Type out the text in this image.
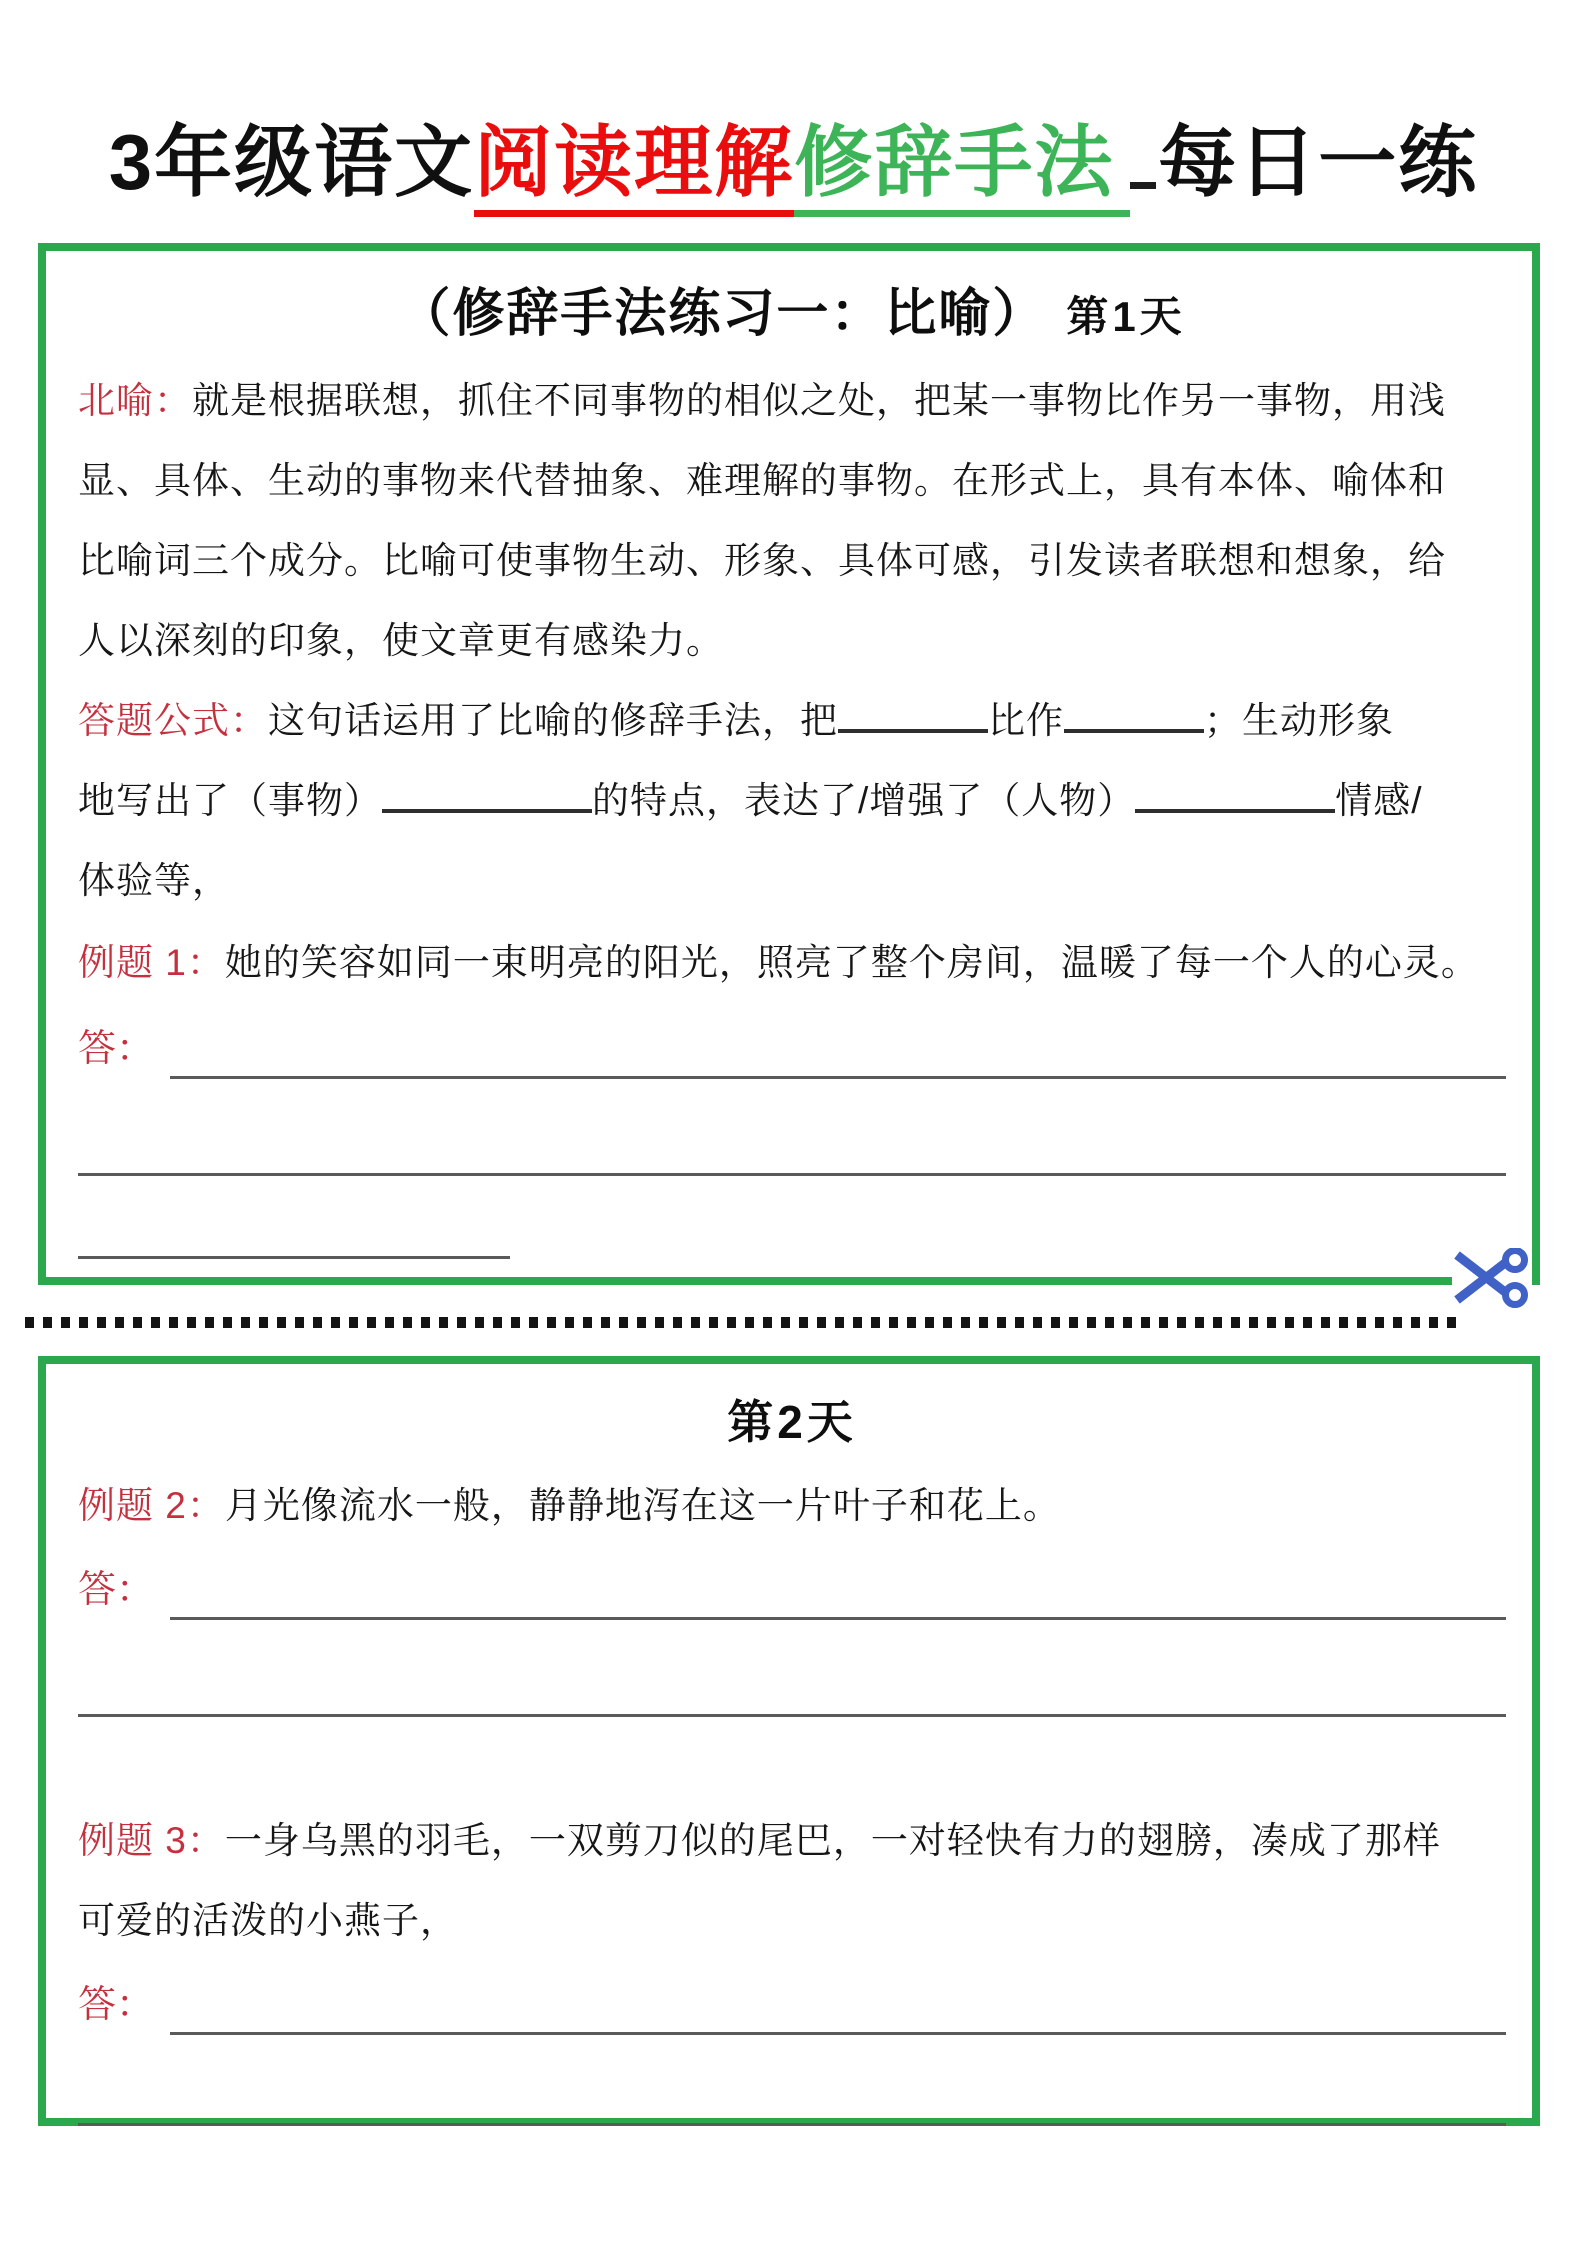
3年级语文阅读理解修辞手法 每日一练
（修辞手法练习一：比喻） 第1天
北喻：就是根据联想，抓住不同事物的相似之处，把某一事物比作另一事物，用浅
显、具体、生动的事物来代替抽象、难理解的事物。在形式上，具有本体、喻体和
比喻词三个成分。比喻可使事物生动、形象、具体可感，引发读者联想和想象，给
人以深刻的印象，使文章更有感染力。
答题公式：这句话运用了比喻的修辞手法，把	比作	；生动形象
地写出了（事物）	的特点，表达了/增强了（人物）	情感/
体验等，
例题 1：她的笑容如同一束明亮的阳光，照亮了整个房间，温暖了每一个人的心灵。
答：
第2天
例题 2：月光像流水一般，静静地泻在这一片叶子和花上。
答：
例题 3：一身乌黑的羽毛，一双剪刀似的尾巴，一对轻快有力的翅膀，凑成了那样
可爱的活泼的小燕子，
答：
